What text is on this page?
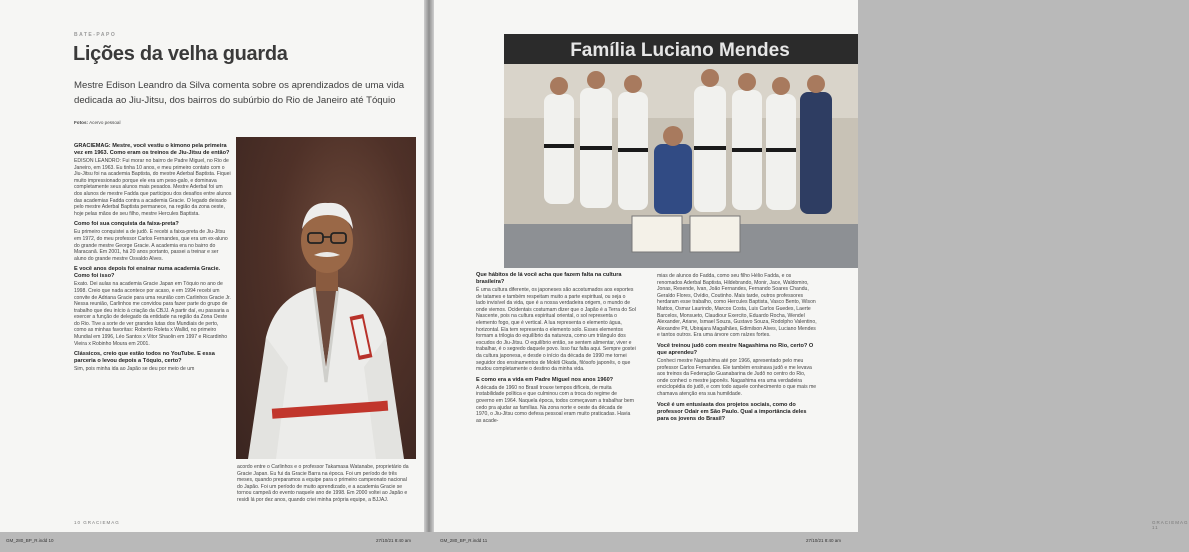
BATE-PAPO
Lições da velha guarda
Mestre Edison Leandro da Silva comenta sobre os aprendizados de uma vida dedicada ao Jiu-Jitsu, dos bairros do subúrbio do Rio de Janeiro até Tóquio
Fotos: Acervo pessoal
GRACIEMAG: Mestre, você vestiu o kimono pela primeira vez em 1963. Como eram os treinos de Jiu-Jitsu de então?

EDISON LEANDRO: Fui morar no bairro de Padre Miguel, no Rio de Janeiro, em 1963. Eu tinha 10 anos, e meu primeiro contato com o Jiu-Jitsu foi na academia Baptista, do mestre Aderbal Baptista. Fiquei muito impressionado porque ele era um peso-galo, e dominava completamente seus alunos mais pesados. Mestre Aderbal foi um dos alunos de mestre Fadda que participou dos desafios entre alunos das academias Fadda contra a academia Gracie. O legado deixado pelo mestre Aderbal Baptista permanece, na região da zona oeste, hoje pelas mãos de seu filho, mestre Hercules Baptista.

Como foi sua conquista da faixa-preta?

Eu primeiro conquistei a de judô. E recebi a faixa-preta de Jiu-Jitsu em 1972, do meu professor Carlos Fernandes, que era um ex-aluno do grande mestre George Gracie. A academia era no bairro do Maracanã. Em 2001, há 20 anos portanto, passei a treinar e ser aluno do grande mestre Osvaldo Alves.

E você anos depois foi ensinar numa academia Gracie. Como foi isso?

Exato. Dei aulas na academia Gracie Japan em Tóquio no ano de 1998. Creio que nada acontece por acaso, e em 1994 recebi um convite de Adriana Gracie para uma reunião com Carlinhos Gracie Jr. Nessa reunião, Carlinhos me convidou para fazer parte do grupo de trabalho que deu início à criação da CBJJ. A partir daí, eu passaria a exercer a função de delegado da entidade na região da Zona Oeste do Rio. Tive a sorte de ver grandes lutas dos Mundiais de perto, como as minhas favoritas: Roberto Roleta x Wallid, no primeiro Mundial em 1996, Léo Santos x Vitor Shaolin em 1997 e Ricardinho Vieira x Robinho Moura em 2001.

Clássicos, creio que estão todos no YouTube. E essa parceria o levou depois a Tóquio, certo?

Sim, pois minha ida ao Japão se deu por meio de um

acordo entre o Carlinhos e o professor Takamasa Watanabe, proprietário da Gracie Japan. Eu fui da Gracie Barra na época. Foi um período de três meses, quando preparamos a equipe para o primeiro campeonato nacional do Japão. Foi um período de muito aprendizado, e a academia Gracie se tornou campeã do evento naquele ano de 1998. Em 2000 voltei ao Japão e residi lá por dez anos, quando criei minha própria equipe, a BJJAJ.

10 GRACIEMAG
Família Luciano Mendes
Que hábitos de lá você acha que fazem falta na cultura brasileira?

É uma cultura diferente, os japoneses são acostumados aos esportes de tatames e também respeitam muito a parte espiritual, ou seja o lado invisível da vida, que é a nossa verdadeira origem, o mundo de onde viemos. Ocidentais costumam dizer que o Japão é a Terra do Sol Nascente, pois na cultura espiritual oriental, o sol representa o elemento fogo, que é vertical. A lua representa o elemento água, horizontal. Ela tem representa o elemento solo. Esses elementos formam a trilogia do equilíbrio da natureza, como um triângulo dos escudos do Jiu-Jitsu. O equilíbrio então, se sentem alimentar, viver e trabalhar, é o segredo daquele povo. Isso faz falta aqui. Sempre gostei da cultura japonesa, e desde o início da década de 1990 me tornei seguidor dos ensinamentos de Mokiti Okada, filósofo japonês, o que mudou completamente o destino da minha vida.

E como era a vida em Padre Miguel nos anos 1960?

A década de 1960 no Brasil trouxe tempos difíceis, de muita instabilidade política e que culminou com a troca do regime de governo em 1964. Naquela época, todos começavam a trabalhar bem cedo pra ajudar as famílias. Na zona norte e oeste da década de 1970, o Jiu-Jitsu como defesa pessoal eram muito praticadas. Havia as acade-

mias de alunos do Fadda, como seu filho Hélio Fadda, e os renomados Aderbal Baptista, Hildebrando, Monir, Jace, Waldomiro, Jonas, Resende, Ivan, João Fernandes, Fernando Soares Chandu, Geraldo Flores, Ovídio, Coutinho. Mais tarde, outros professores herdaram esse trabalho, como Hercules Baptista, Vasco Bento, Wison Mattos, Osmar Laurindo, Marcos Costa, Luis Carlos Guedes, Laerte Barcelos, Monsueto, Claudiour Exercito, Eduardo Rocha, Wendel Alexander, Ariane, Ismael Souza, Gustavo Souza, Rodolpho Valentino, Alexandre Pit, Ubirajara Magalhães, Edimilson Alves, Luciano Mendes e tantos outros. Era uma árvore com raízes fortes.

Você treinou judô com mestre Nagashima no Rio, certo? O que aprendeu?

Conheci mestre Nagashima até por 1966, apresentado pelo meu professor Carlos Fernandes. Ele também ensinava judô e me levava aos treinos da Federação Guanabarina de Judô no centro do Rio, onde conheci o mestre japonês. Nagashima era uma verdadeira enciclopédia do judô, e com todo aquele conhecimento o que mais me chamava atenção era sua humildade.

Você é um entusiasta dos projetos sociais, como do professor Odair em São Paulo. Qual a importância deles para os jovens do Brasil?
GRACIEMAG 11
GM_280_BP_R.indd 10	27/10/21 8:40 am	GM_280_BP_R.indd 11	27/10/21 8:40 am
